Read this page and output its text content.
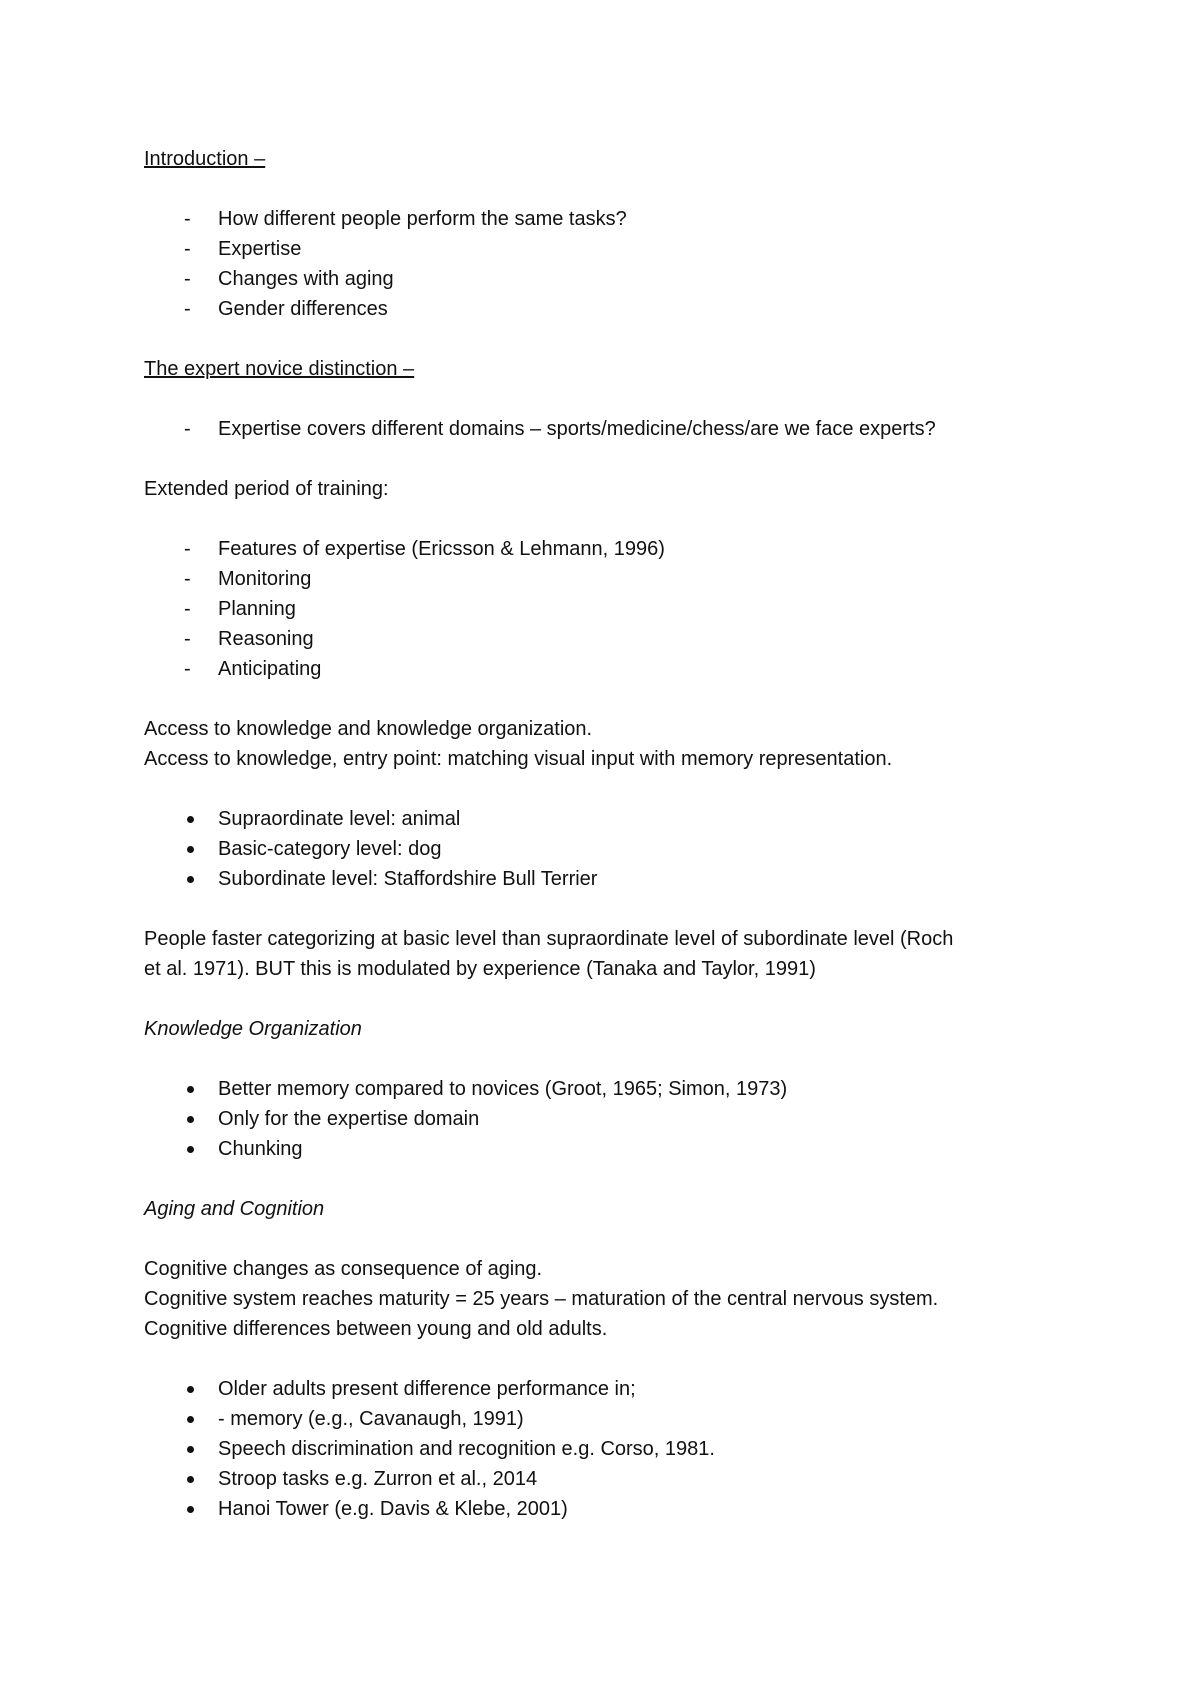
Introduction –

-	How different people perform the same tasks?
-	Expertise
-	Changes with aging
-	Gender differences

The expert novice distinction –

-	Expertise covers different domains – sports/medicine/chess/are we face experts?

Extended period of training:

-	Features of expertise (Ericsson & Lehmann, 1996)
-	Monitoring
-	Planning
-	Reasoning
-	Anticipating

Access to knowledge and knowledge organization.

Access to knowledge, entry point: matching visual input with memory representation.

Supraordinate level: animal
Basic-category level: dog
Subordinate level: Staffordshire Bull Terrier

People faster categorizing at basic level than supraordinate level of subordinate level (Roch

et al. 1971). BUT this is modulated by experience (Tanaka and Taylor, 1991)

Knowledge Organization

Better memory compared to novices (Groot, 1965; Simon, 1973)
Only for the expertise domain
Chunking

Aging and Cognition

Cognitive changes as consequence of aging.

Cognitive system reaches maturity = 25 years – maturation of the central nervous system.

Cognitive differences between young and old adults.

Older adults present difference performance in;
- memory (e.g., Cavanaugh, 1991)
Speech discrimination and recognition e.g. Corso, 1981.
Stroop tasks e.g. Zurron et al., 2014
Hanoi Tower (e.g. Davis & Klebe, 2001)
